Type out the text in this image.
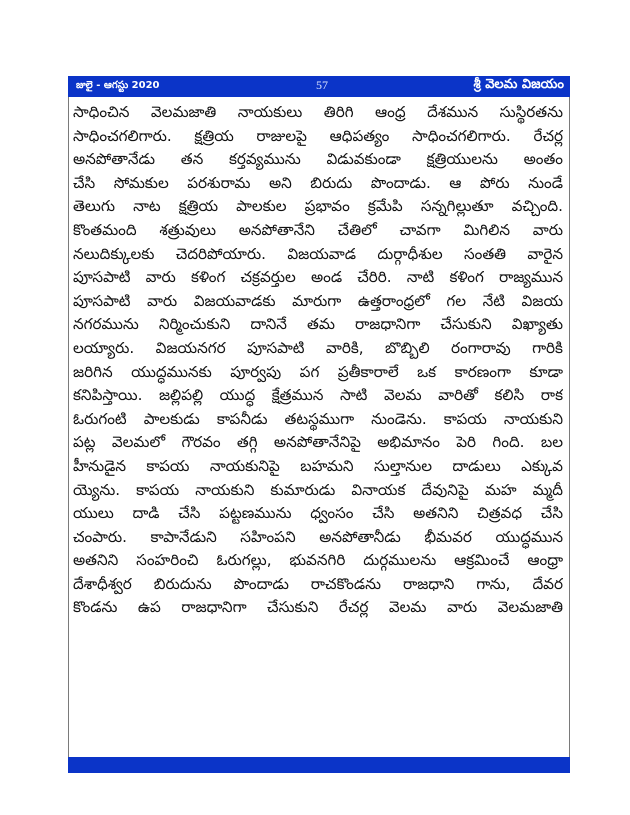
జులై - ఆగస్టు 2020	57	శ్రీ వెలమ విజయం
సాధించిన వెలమజాతి నాయకులు తిరిగి ఆంధ్ర దేశమున సుస్థిరతను
సాధించగలిగారు. క్షత్రియ రాజులపై ఆధిపత్యం సాధించగలిగారు. రేచర్ల
అనపోతానేడు తన కర్తవ్యమును విడువకుండా క్షత్రియులను అంతం
చేసి సోమకుల పరశురామ అని బిరుదు పొందాడు. ఆ పోరు నుండే
తెలుగు నాట క్షత్రియ పాలకుల ప్రభావం క్రమేపి సన్నగిల్లుతూ వచ్చింది.
కొంతమంది శత్రువులు అనపోతానేని చేతిలో చావగా మిగిలిన వారు
నలుదిక్కులకు చెదరిపోయారు. విజయవాడ దుర్గాధీశుల సంతతి వారైన
పూసపాటి వారు కళింగ చక్రవర్తుల అండ చేరిరి. నాటి కళింగ రాజ్యమున
పూసపాటి వారు విజయవాడకు మారుగా ఉత్తరాంధ్రలో గల నేటి విజయ
నగరమును నిర్మించుకుని దానినే తమ రాజధానిగా చేసుకుని విఖ్యాతు
లయ్యారు. విజయనగర పూసపాటి వారికి, బొబ్బిలి రంగారావు గారికి
జరిగిన యుద్ధమునకు పూర్వపు పగ ప్రతీకారాలే ఒక కారణంగా కూడా
కనిపిస్తాయి. జల్లిపల్లి యుద్ధ క్షేత్రమున సాటి వెలమ వారితో కలిసి రాక
ఓరుగంటి పాలకుడు కాపనీడు తటస్థముగా నుండెను. కాపయ నాయకుని
పట్ల వెలమలో గౌరవం తగ్గి అనపోతానేనిపై అభిమానం పెరి గింది. బల
హీనుడైన కాపయ నాయకునిపై బహమని సుల్తానుల దాడులు ఎక్కువ
య్యెను. కాపయ నాయకుని కుమారుడు వినాయక దేవునిపై మహ మ్మదీ
యులు దాడి చేసి పట్టణమును ధ్వంసం చేసి అతనిని చిత్రవధ చేసి
చంపారు. కాపానేడుని సహింపని అనపోతానీడు భీమవర యుద్ధమున
అతనిని సంహరించి ఓరుగల్లు, భువనగిరి దుర్గములను ఆక్రమించే ఆంధ్రా
దేశాధీశ్వర బిరుదును పొందాడు రాచకొండను రాజధాని గాను, దేవర
కొండను ఉప రాజధానిగా చేసుకుని రేచర్ల వెలమ వారు వెలమజాతి
